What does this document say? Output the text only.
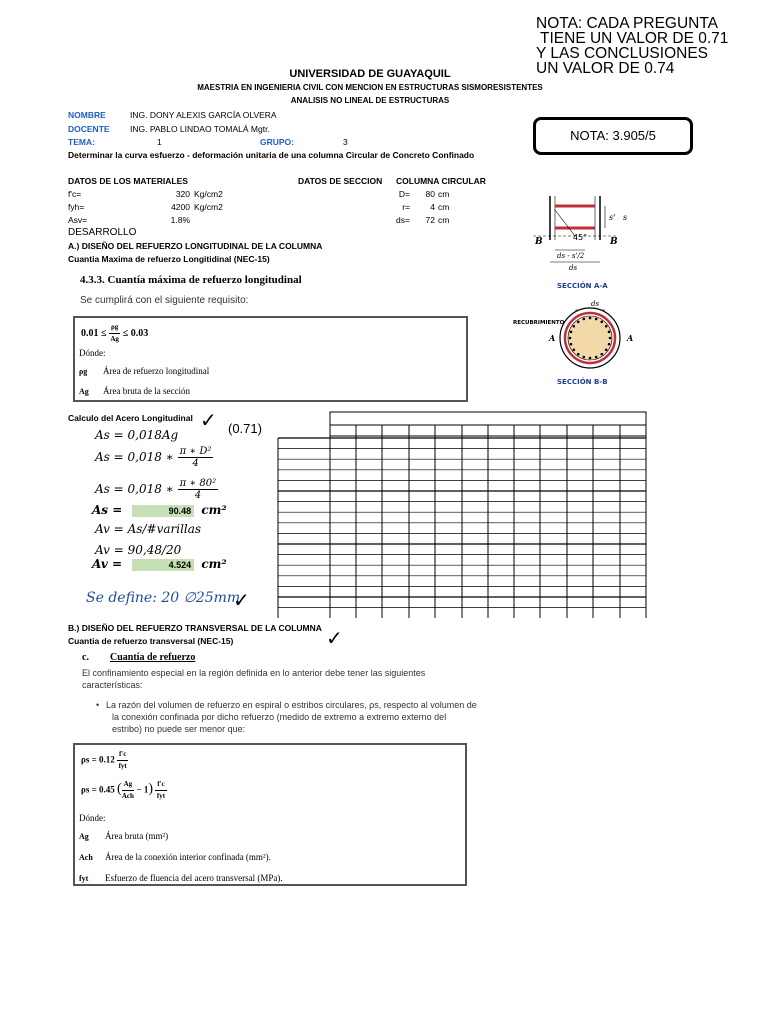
NOTA: CADA PREGUNTA
TIENE UN VALOR DE 0.71
Y LAS CONCLUSIONES
UN VALOR DE 0.74
NOTA: 3.905/5
UNIVERSIDAD DE GUAYAQUIL
MAESTRIA EN INGENIERIA CIVIL CON MENCION EN ESTRUCTURAS SISMORESISTENTES
ANALISIS NO LINEAL DE ESTRUCTURAS
NOMBRE	ING. DONY ALEXIS GARCÍA OLVERA
DOCENTE ING. PABLO LINDAO TOMALÁ Mgtr.
TEMA:	1	GRUPO:	3
Determinar la curva esfuerzo - deformación unitaria de una columna Circular de Concreto Confinado
DATOS DE LOS MATERIALES
f'c=	320 Kg/cm2
fyh=	4200 Kg/cm2
Asv=	1.8%
DATOS DE SECCION COLUMNA CIRCULAR
D=	80 cm
r=	4 cm
ds=	72 cm
DESARROLLO
A.) DISEÑO DEL REFUERZO LONGITUDINAL DE LA COLUMNA
Cuantia Maxima de refuerzo Longitidinal (NEC-15)
4.3.3. Cuantía máxima de refuerzo longitudinal
Se cumplirá con el siguiente requisito:
$0.01 \le \frac{\rho g}{Ag} \le 0.03$
Dónde:
ρg Área de refuerzo longitudinal
Ag Área bruta de la sección
Calculo del Acero Longitudinal ✓ (0.71)
As = 0,018Ag
As = 0,018 ∗ $\frac{\text{π ∗ D²}}{4}$
As = 0,018 ∗ $\frac{\text{π ∗ 80²}}{4}$
As =	90.48 cm²
Av = As/#varillas
Av = 90,48/20
Av =	4.524 cm²
Se define: 20 ∅25mm
✓
B.) DISEÑO DEL REFUERZO TRANSVERSAL DE LA COLUMNA ✓
Cuantia de refuerzo transversal (NEC-15)
c. Cuantía de refuerzo
El confinamiento especial en la región definida en lo anterior debe tener las siguientes
características:
• La razón del volumen de refuerzo en espiral o estribos circulares, ρs, respecto al volumen de
la conexión confinada por dicho refuerzo (medido de extremo a extremo externo del
estribo) no puede ser menor que:
$\rho s = 0.12 \frac{f'c}{\text{fyt}}$
ρs = 0.45 ( $\frac{Ag}{\text{Ach}} - 1) \frac{f'c}{\text{fyt}}$
Dónde:
Ag Área bruta (mm²)
Ach Área de la conexión interior confinada (mm²).
fyt Esfuerzo de fluencia del acero transversal (MPa).
45°
s' s
B	B
ds - s'/2
ds
SECCIÓN A-A
ds
RECUBRIMIENTO
A	A
SECCIÓN B-B
